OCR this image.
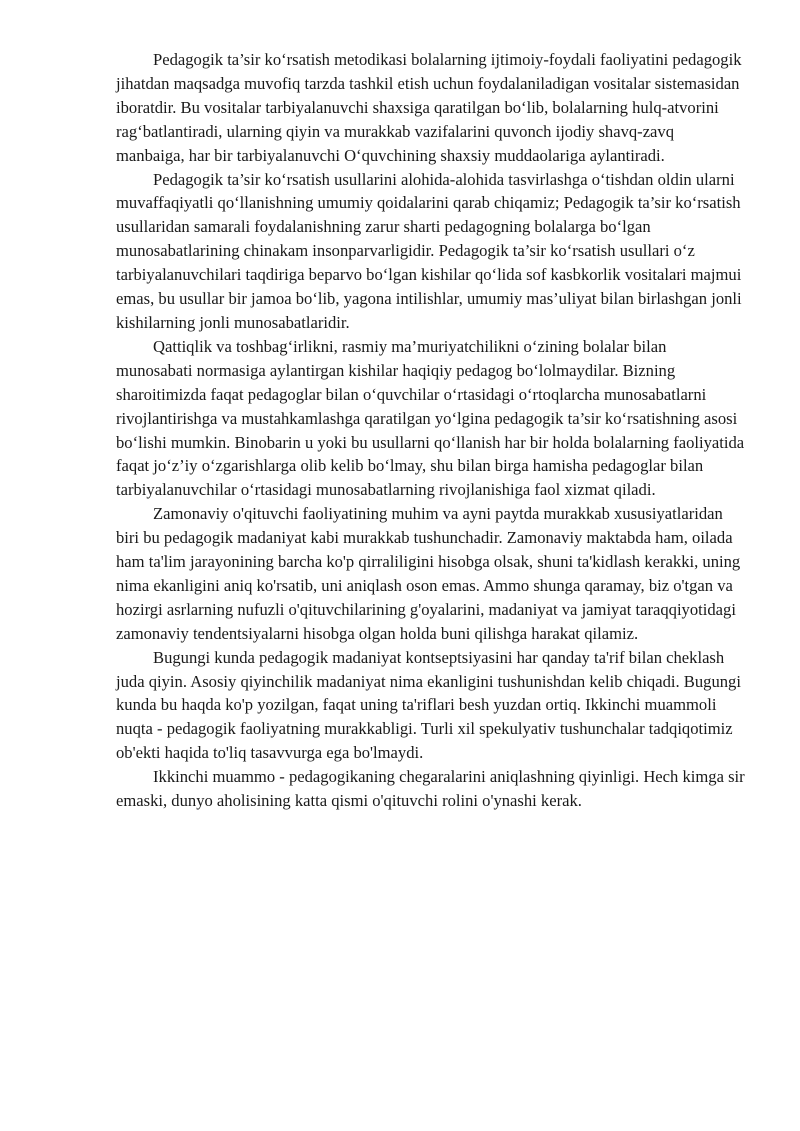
Pedagogik ta’sir ko‘rsatish metodikasi bolalarning ijtimoiy-foydali faoliyatini pedagogik jihatdan maqsadga muvofiq tarzda tashkil etish uchun foydalaniladigan vositalar sistemasidan iboratdir. Bu vositalar tarbiyalanuvchi shaxsiga qaratilgan bo‘lib, bolalarning hulq-atvorini rag‘batlantiradi, ularning qiyin va murakkab vazifalarini quvonch ijodiy shavq-zavq manbaiga, har bir tarbiyalanuvchi O‘quvchining shaxsiy muddaolariga aylantiradi.

Pedagogik ta’sir ko‘rsatish usullarini alohida-alohida tasvirlashga o‘tishdan oldin ularni muvaffaqiyatli qo‘llanishning umumiy qoidalarini qarab chiqamiz; Pedagogik ta’sir ko‘rsatish usullaridan samarali foydalanishning zarur sharti pedagogning bolalarga bo‘lgan munosabatlarining chinakam insonparvarligidir. Pedagogik ta’sir ko‘rsatish usullari o‘z tarbiyalanuvchilari taqdiriga beparvo bo‘lgan kishilar qo‘lida sof kasbkorlik vositalari majmui emas, bu usullar bir jamoa bo‘lib, yagona intilishlar, umumiy mas’uliyat bilan birlashgan jonli kishilarning jonli munosabatlaridir.

Qattiqlik va toshbag‘irlikni, rasmiy ma’muriyatchilikni o‘zining bolalar bilan munosabati normasiga aylantirgan kishilar haqiqiy pedagog bo‘lolmaydilar. Bizning sharoitimizda faqat pedagoglar bilan o‘quvchilar o‘rtasidagi o‘rtoqlarcha munosabatlarni rivojlantirishga va mustahkamlashga qaratilgan yo‘lgina pedagogik ta’sir ko‘rsatishning asosi bo‘lishi mumkin. Binobarin u yoki bu usullarni qo‘llanish har bir holda bolalarning faoliyatida faqat jo‘z’iy o‘zgarishlarga olib kelib bo‘lmay, shu bilan birga hamisha pedagoglar bilan tarbiyalanuvchilar o‘rtasidagi munosabatlarning rivojlanishiga faol xizmat qiladi.

Zamonaviy o'qituvchi faoliyatining muhim va ayni paytda murakkab xususiyatlaridan biri bu pedagogik madaniyat kabi murakkab tushunchadir. Zamonaviy maktabda ham, oilada ham ta'lim jarayonining barcha ko'p qirraliligini hisobga olsak, shuni ta'kidlash kerakki, uning nima ekanligini aniq ko'rsatib, uni aniqlash oson emas. Ammo shunga qaramay, biz o'tgan va hozirgi asrlarning nufuzli o'qituvchilarining g'oyalarini, madaniyat va jamiyat taraqqiyotidagi zamonaviy tendentsiyalarni hisobga olgan holda buni qilishga harakat qilamiz.

Bugungi kunda pedagogik madaniyat kontseptsiyasini har qanday ta'rif bilan cheklash juda qiyin. Asosiy qiyinchilik madaniyat nima ekanligini tushunishdan kelib chiqadi. Bugungi kunda bu haqda ko'p yozilgan, faqat uning ta'riflari besh yuzdan ortiq. Ikkinchi muammoli nuqta - pedagogik faoliyatning murakkabligi. Turli xil spekulyativ tushunchalar tadqiqotimiz ob'ekti haqida to'liq tasavvurga ega bo'lmaydi.

Ikkinchi muammo - pedagogikaning chegaralarini aniqlashning qiyinligi. Hech kimga sir emaski, dunyo aholisining katta qismi o'qituvchi rolini o'ynashi kerak.
